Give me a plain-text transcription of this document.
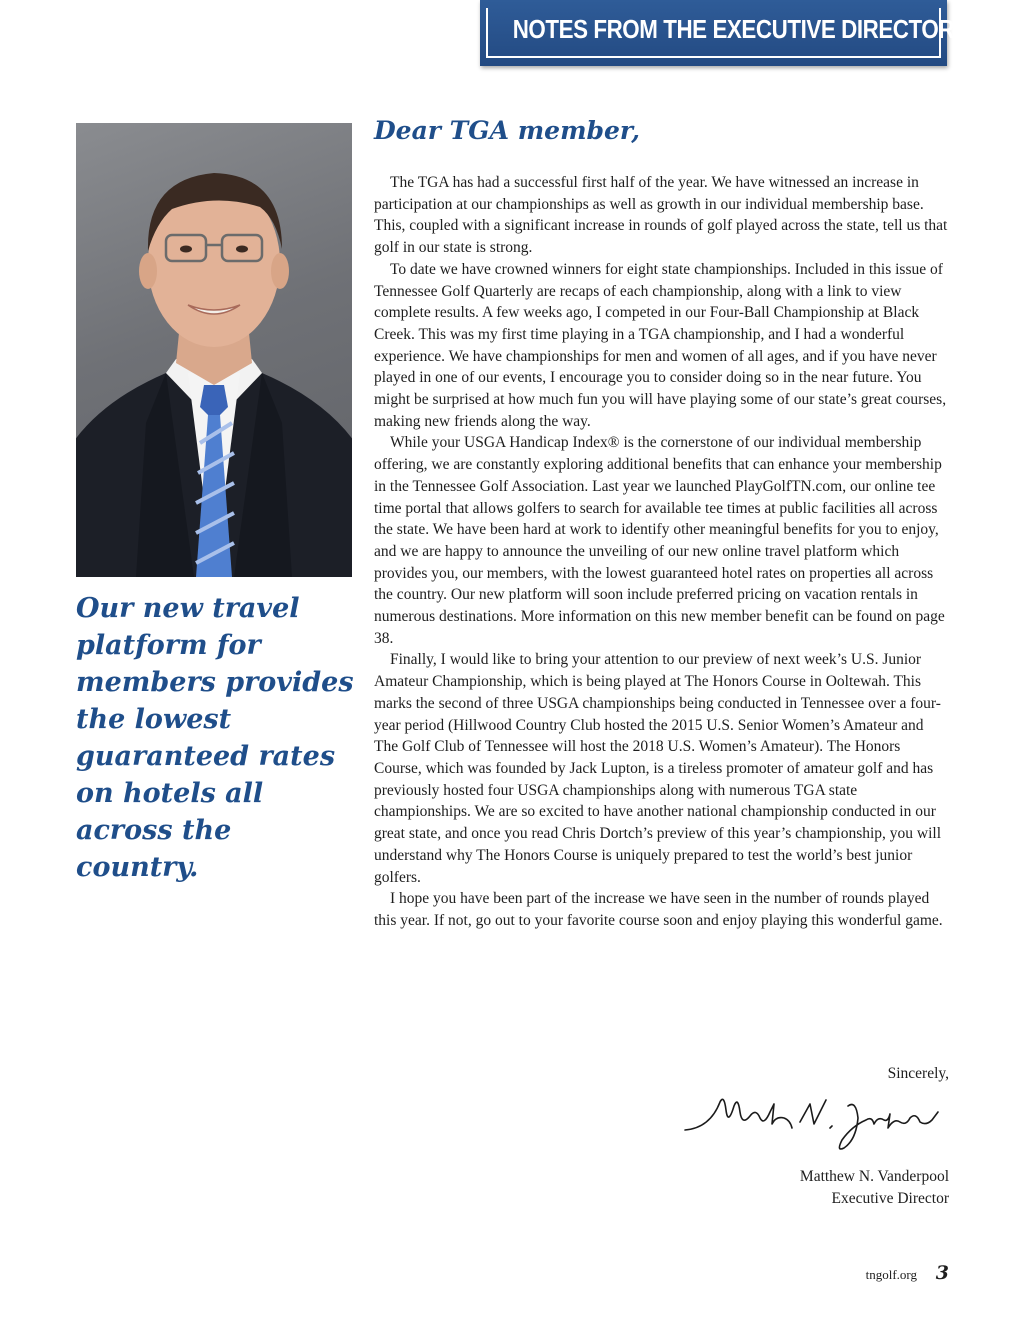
NOTES FROM THE EXECUTIVE DIRECTOR

Our new travel platform for members provides the lowest guaranteed rates on hotels all across the country.

Dear TGA member,

The TGA has had a successful first half of the year. We have witnessed an increase in participation at our championships as well as growth in our individual membership base. This, coupled with a significant increase in rounds of golf played across the state, tell us that golf in our state is strong.

To date we have crowned winners for eight state championships. Included in this issue of Tennessee Golf Quarterly are recaps of each championship, along with a link to view complete results. A few weeks ago, I competed in our Four-Ball Championship at Black Creek. This was my first time playing in a TGA championship, and I had a wonderful experience. We have championships for men and women of all ages, and if you have never played in one of our events, I encourage you to consider doing so in the near future. You might be surprised at how much fun you will have playing some of our state’s great courses, making new friends along the way.

While your USGA Handicap Index® is the cornerstone of our individual membership offering, we are constantly exploring additional benefits that can enhance your membership in the Tennessee Golf Association. Last year we launched PlayGolfTN.com, our online tee time portal that allows golfers to search for available tee times at public facilities all across the state. We have been hard at work to identify other meaningful benefits for you to enjoy, and we are happy to announce the unveiling of our new online travel platform which provides you, our members, with the lowest guaranteed hotel rates on properties all across the country. Our new platform will soon include preferred pricing on vacation rentals in numerous destinations. More information on this new member benefit can be found on page 38.

Finally, I would like to bring your attention to our preview of next week’s U.S. Junior Amateur Championship, which is being played at The Honors Course in Ooltewah. This marks the second of three USGA championships being conducted in Tennessee over a four-year period (Hillwood Country Club hosted the 2015 U.S. Senior Women’s Amateur and The Golf Club of Tennessee will host the 2018 U.S. Women’s Amateur). The Honors Course, which was founded by Jack Lupton, is a tireless promoter of amateur golf and has previously hosted four USGA championships along with numerous TGA state championships. We are so excited to have another national championship conducted in our great state, and once you read Chris Dortch’s preview of this year’s championship, you will understand why The Honors Course is uniquely prepared to test the world’s best junior golfers.

I hope you have been part of the increase we have seen in the number of rounds played this year. If not, go out to your favorite course soon and enjoy playing this wonderful game.

Sincerely,
Matthew N. Vanderpool
Executive Director
tngolf.org 3
